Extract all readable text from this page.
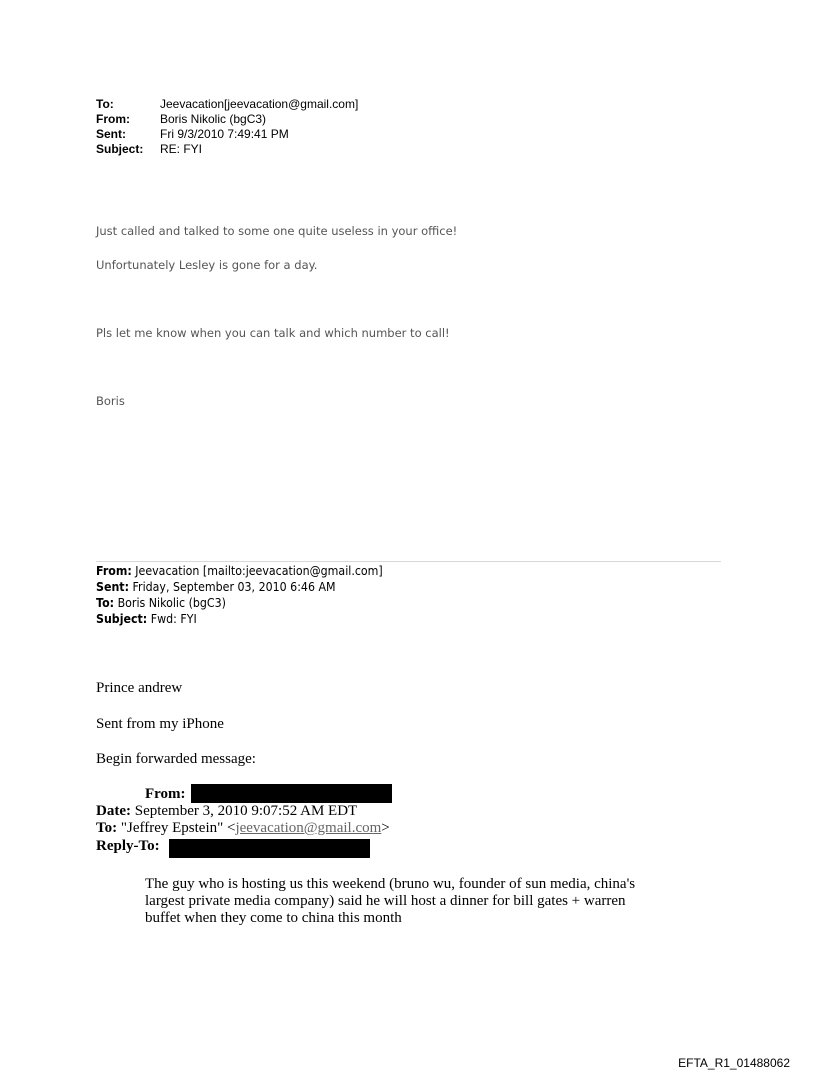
To:	Jeevacation[jeevacation@gmail.com]
From:	Boris Nikolic (bgC3)
Sent:	Fri 9/3/2010 7:49:41 PM
Subject: RE: FYI
Just called and talked to some one quite useless in your office!
Unfortunately Lesley is gone for a day.
Pls let me know when you can talk and which number to call!
Boris
From: Jeevacation [mailto:jeevacation@gmail.com]
Sent: Friday, September 03, 2010 6:46 AM
To: Boris Nikolic (bgC3)
Subject: Fwd: FYI
Prince andrew
Sent from my iPhone
Begin forwarded message:
From:
Date: September 3, 2010 9:07:52 AM EDT
To: "Jeffrey Epstein" <jeevacation@gmail.com>
Reply-To:
The guy who is hosting us this weekend (bruno wu, founder of sun media, china's
largest private media company) said he will host a dinner for bill gates + warren
buffet when they come to china this month
EFTA_R1_01488062
